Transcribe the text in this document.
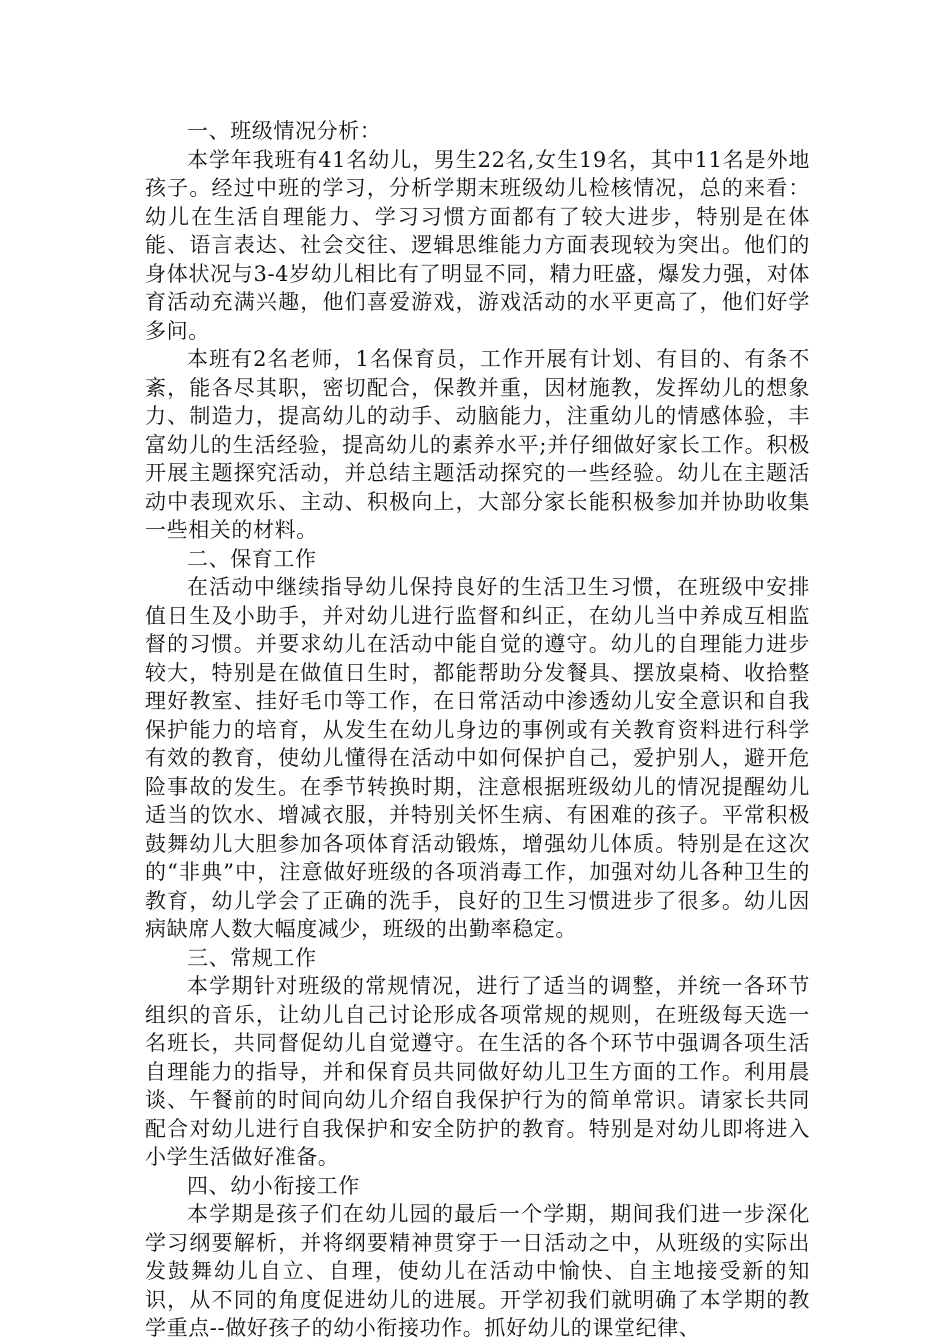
一、班级情况分析：

本学年我班有41名幼儿，男生22名,女生19名，其中11名是外地孩子。经过中班的学习，分析学期末班级幼儿检核情况，总的来看：幼儿在生活自理能力、学习习惯方面都有了较大进步，特别是在体能、语言表达、社会交往、逻辑思维能力方面表现较为突出。他们的身体状况与3-4岁幼儿相比有了明显不同，精力旺盛，爆发力强，对体育活动充满兴趣，他们喜爱游戏，游戏活动的水平更高了，他们好学多问。

本班有2名老师，1名保育员，工作开展有计划、有目的、有条不紊，能各尽其职，密切配合，保教并重，因材施教，发挥幼儿的想象力、制造力，提高幼儿的动手、动脑能力，注重幼儿的情感体验，丰富幼儿的生活经验，提高幼儿的素养水平;并仔细做好家长工作。积极开展主题探究活动，并总结主题活动探究的一些经验。幼儿在主题活动中表现欢乐、主动、积极向上，大部分家长能积极参加并协助收集一些相关的材料。

二、保育工作

在活动中继续指导幼儿保持良好的生活卫生习惯，在班级中安排值日生及小助手，并对幼儿进行监督和纠正，在幼儿当中养成互相监督的习惯。并要求幼儿在活动中能自觉的遵守。幼儿的自理能力进步较大，特别是在做值日生时，都能帮助分发餐具、摆放桌椅、收拾整理好教室、挂好毛巾等工作，在日常活动中渗透幼儿安全意识和自我保护能力的培育，从发生在幼儿身边的事例或有关教育资料进行科学有效的教育，使幼儿懂得在活动中如何保护自己，爱护别人，避开危险事故的发生。在季节转换时期，注意根据班级幼儿的情况提醒幼儿适当的饮水、增减衣服，并特别关怀生病、有困难的孩子。平常积极鼓舞幼儿大胆参加各项体育活动锻炼，增强幼儿体质。特别是在这次的“非典”中，注意做好班级的各项消毒工作，加强对幼儿各种卫生的教育，幼儿学会了正确的洗手，良好的卫生习惯进步了很多。幼儿因病缺席人数大幅度减少，班级的出勤率稳定。

三、常规工作

本学期针对班级的常规情况，进行了适当的调整，并统一各环节组织的音乐，让幼儿自己讨论形成各项常规的规则，在班级每天选一名班长，共同督促幼儿自觉遵守。在生活的各个环节中强调各项生活自理能力的指导，并和保育员共同做好幼儿卫生方面的工作。利用晨谈、午餐前的时间向幼儿介绍自我保护行为的简单常识。请家长共同配合对幼儿进行自我保护和安全防护的教育。特别是对幼儿即将进入小学生活做好准备。

四、幼小衔接工作

本学期是孩子们在幼儿园的最后一个学期，期间我们进一步深化学习纲要解析，并将纲要精神贯穿于一日活动之中，从班级的实际出发鼓舞幼儿自立、自理，使幼儿在活动中愉快、自主地接受新的知识，从不同的角度促进幼儿的进展。开学初我们就明确了本学期的教学重点--做好孩子的幼小衔接功作。抓好幼儿的课堂纪律、
